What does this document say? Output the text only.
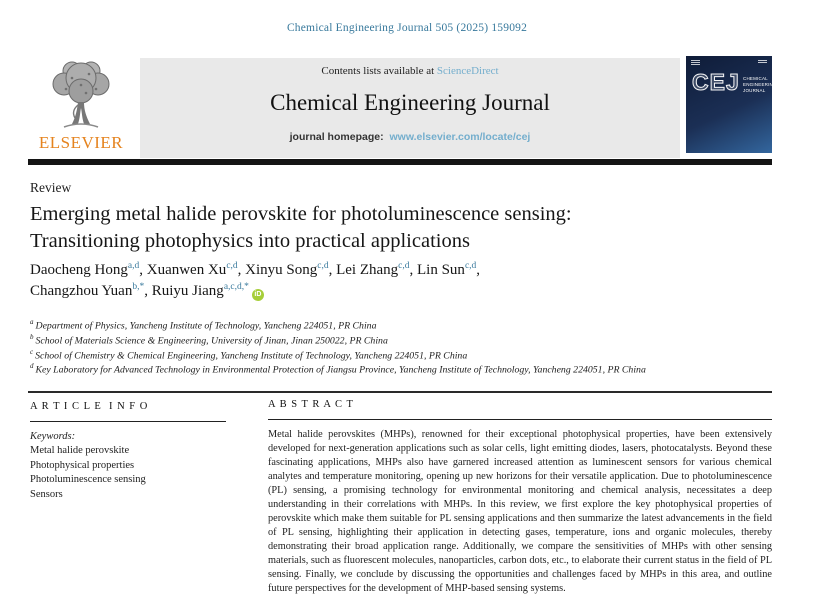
Chemical Engineering Journal 505 (2025) 159092
ELSEVIER
Contents lists available at ScienceDirect
Chemical Engineering Journal
journal homepage: www.elsevier.com/locate/cej
CEJ CHEMICAL
ENGINEERING
JOURNAL
Review
Emerging metal halide perovskite for photoluminescence sensing:
Transitioning photophysics into practical applications
Daocheng Hong$^{a,d}$, Xuanwen Xu$^{c,d}$, Xinyu Song$^{c,d}$, Lei Zhang$^{c,d}$, Lin Sun$^{c,d}$,
Changzhou Yuan$^{b,*}$, Ruiyu Jiang$^{a,c,d,*}$iD
$^a$ Department of Physics, Yancheng Institute of Technology, Yancheng 224051, PR China
$^b$ School of Materials Science & Engineering, University of Jinan, Jinan 250022, PR China
$^c$ School of Chemistry & Chemical Engineering, Yancheng Institute of Technology, Yancheng 224051, PR China
$^d$ Key Laboratory for Advanced Technology in Environmental Protection of Jiangsu Province, Yancheng Institute of Technology, Yancheng 224051, PR China
A R T I C L E  I N F O
Keywords:
Metal halide perovskite
Photophysical properties
Photoluminescence sensing
Sensors
A B S T R A C T
Metal halide perovskites (MHPs), renowned for their exceptional photophysical properties, have been extensively developed for next-generation applications such as solar cells, light emitting diodes, lasers, photocatalysts. Beyond these fascinating applications, MHPs also have garnered increased attention as luminescent sensors for various chemical analytes and temperature monitoring, opening up new horizons for their versatile application. Due to photoluminescence (PL) sensing, a promising technology for environmental monitoring and chemical analysis, necessitates a deep understanding in their correlations with MHPs. In this review, we first explore the key photophysical properties of perovskite which make them suitable for PL sensing applications and then summarize the latest advancements in the field of PL sensing, highlighting their application in detecting gases, temperature, ions and organic molecules, thereby demonstrating their broad application range. Additionally, we compare the sensitivities of MHPs with other sensing materials, such as fluorescent molecules, nanoparticles, carbon dots, etc., to elaborate their current status in the field of PL sensing. Finally, we conclude by discussing the opportunities and challenges faced by MHPs in this area, and outline future perspectives for the development of MHP-based sensing systems.
